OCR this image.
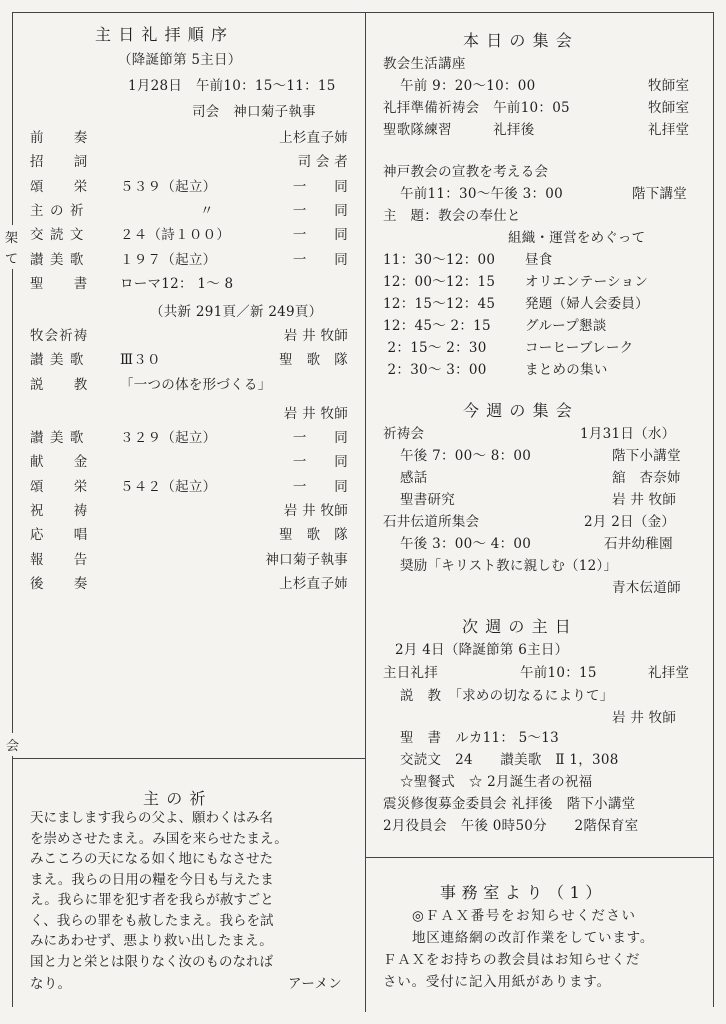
架
て
会
主日礼拝順序
（降誕節第 5主日）
1月28日　午前10：15〜11：15
司会　神口菊子執事
前　　奏	上杉直子姉
招　　詞	司 会 者
頌　　栄 ５３９（起立）	一　　同
主 の 祈	〃	一　　同
交 読 文	２４（詩１００）	一　　同
讃 美 歌	１９７（起立）	一　　同
聖　　書 ローマ12： 1〜 8
牧会祈祷	岩 井 牧師
讃 美 歌	Ⅲ３０	聖　歌　隊
説　　教 「一つの体を形づくる」
讃 美 歌	３２９（起立）	一　　同
献　　金	一　　同
頌　　栄 ５４２（起立）	一　　同
祝　　祷	岩 井 牧師
応　　唱	聖　歌　隊
報　　告	神口菊子執事
後　　奏	上杉直子姉
（共新 291頁／新 249頁）
岩 井 牧師
主の祈
天にまします我らの父よ、願わくはみ名
を崇めさせたまえ。み国を来らせたまえ。
みこころの天になる如く地にもなさせた
まえ。我らの日用の糧を今日も与えたま
え。我らに罪を犯す者を我らが赦すごと
く、我らの罪をも赦したまえ。我らを試
みにあわせず、悪より救い出したまえ。
国と力と栄とは限りなく汝のものなれば
なり。	アーメン
本日の集会
教会生活講座
午前 9：20〜10：00	牧師室
礼拝準備祈祷会　午前10：05	牧師室
聖歌隊練習　　　礼拝後	礼拝堂
神戸教会の宣教を考える会
午前11：30〜午後 3：00	階下講堂
主　題：教会の奉仕と
組織・運営をめぐって
11：30〜12：00 昼食
12：00〜12：15 オリエンテーション
12：15〜12：45 発題（婦人会委員）
12：45〜 2：15	グループ懇談
2：15〜 2：30	コーヒーブレーク
2：30〜 3：00	まとめの集い
今週の集会
祈祷会	1月31日（水）
午後 7：00〜 8：00	階下小講堂
感話	舘　杏奈姉
聖書研究	岩 井 牧師
石井伝道所集会	2月 2日（金）
午後 3：00〜 4：00	石井幼稚園
奨励「キリスト教に親しむ（12）」
青木伝道師
次週の主日
2月 4日（降誕節第 6主日）
主日礼拝	午前10：15	礼拝堂
説　教　「求めの切なるによりて」
岩 井 牧師
聖　書　ルカ11： 5〜13
交読文　24　　讃美歌　Ⅱ 1，308
☆聖餐式　☆ 2月誕生者の祝福
震災修復募金委員会 礼拝後　階下小講堂
2月役員会　午後 0時50分　　2階保育室
事務室より（1）
◎ＦＡＸ番号をお知らせください
地区連絡網の改訂作業をしています。
ＦＡＸをお持ちの教会員はお知らせくだ
さい。受付に記入用紙があります。
